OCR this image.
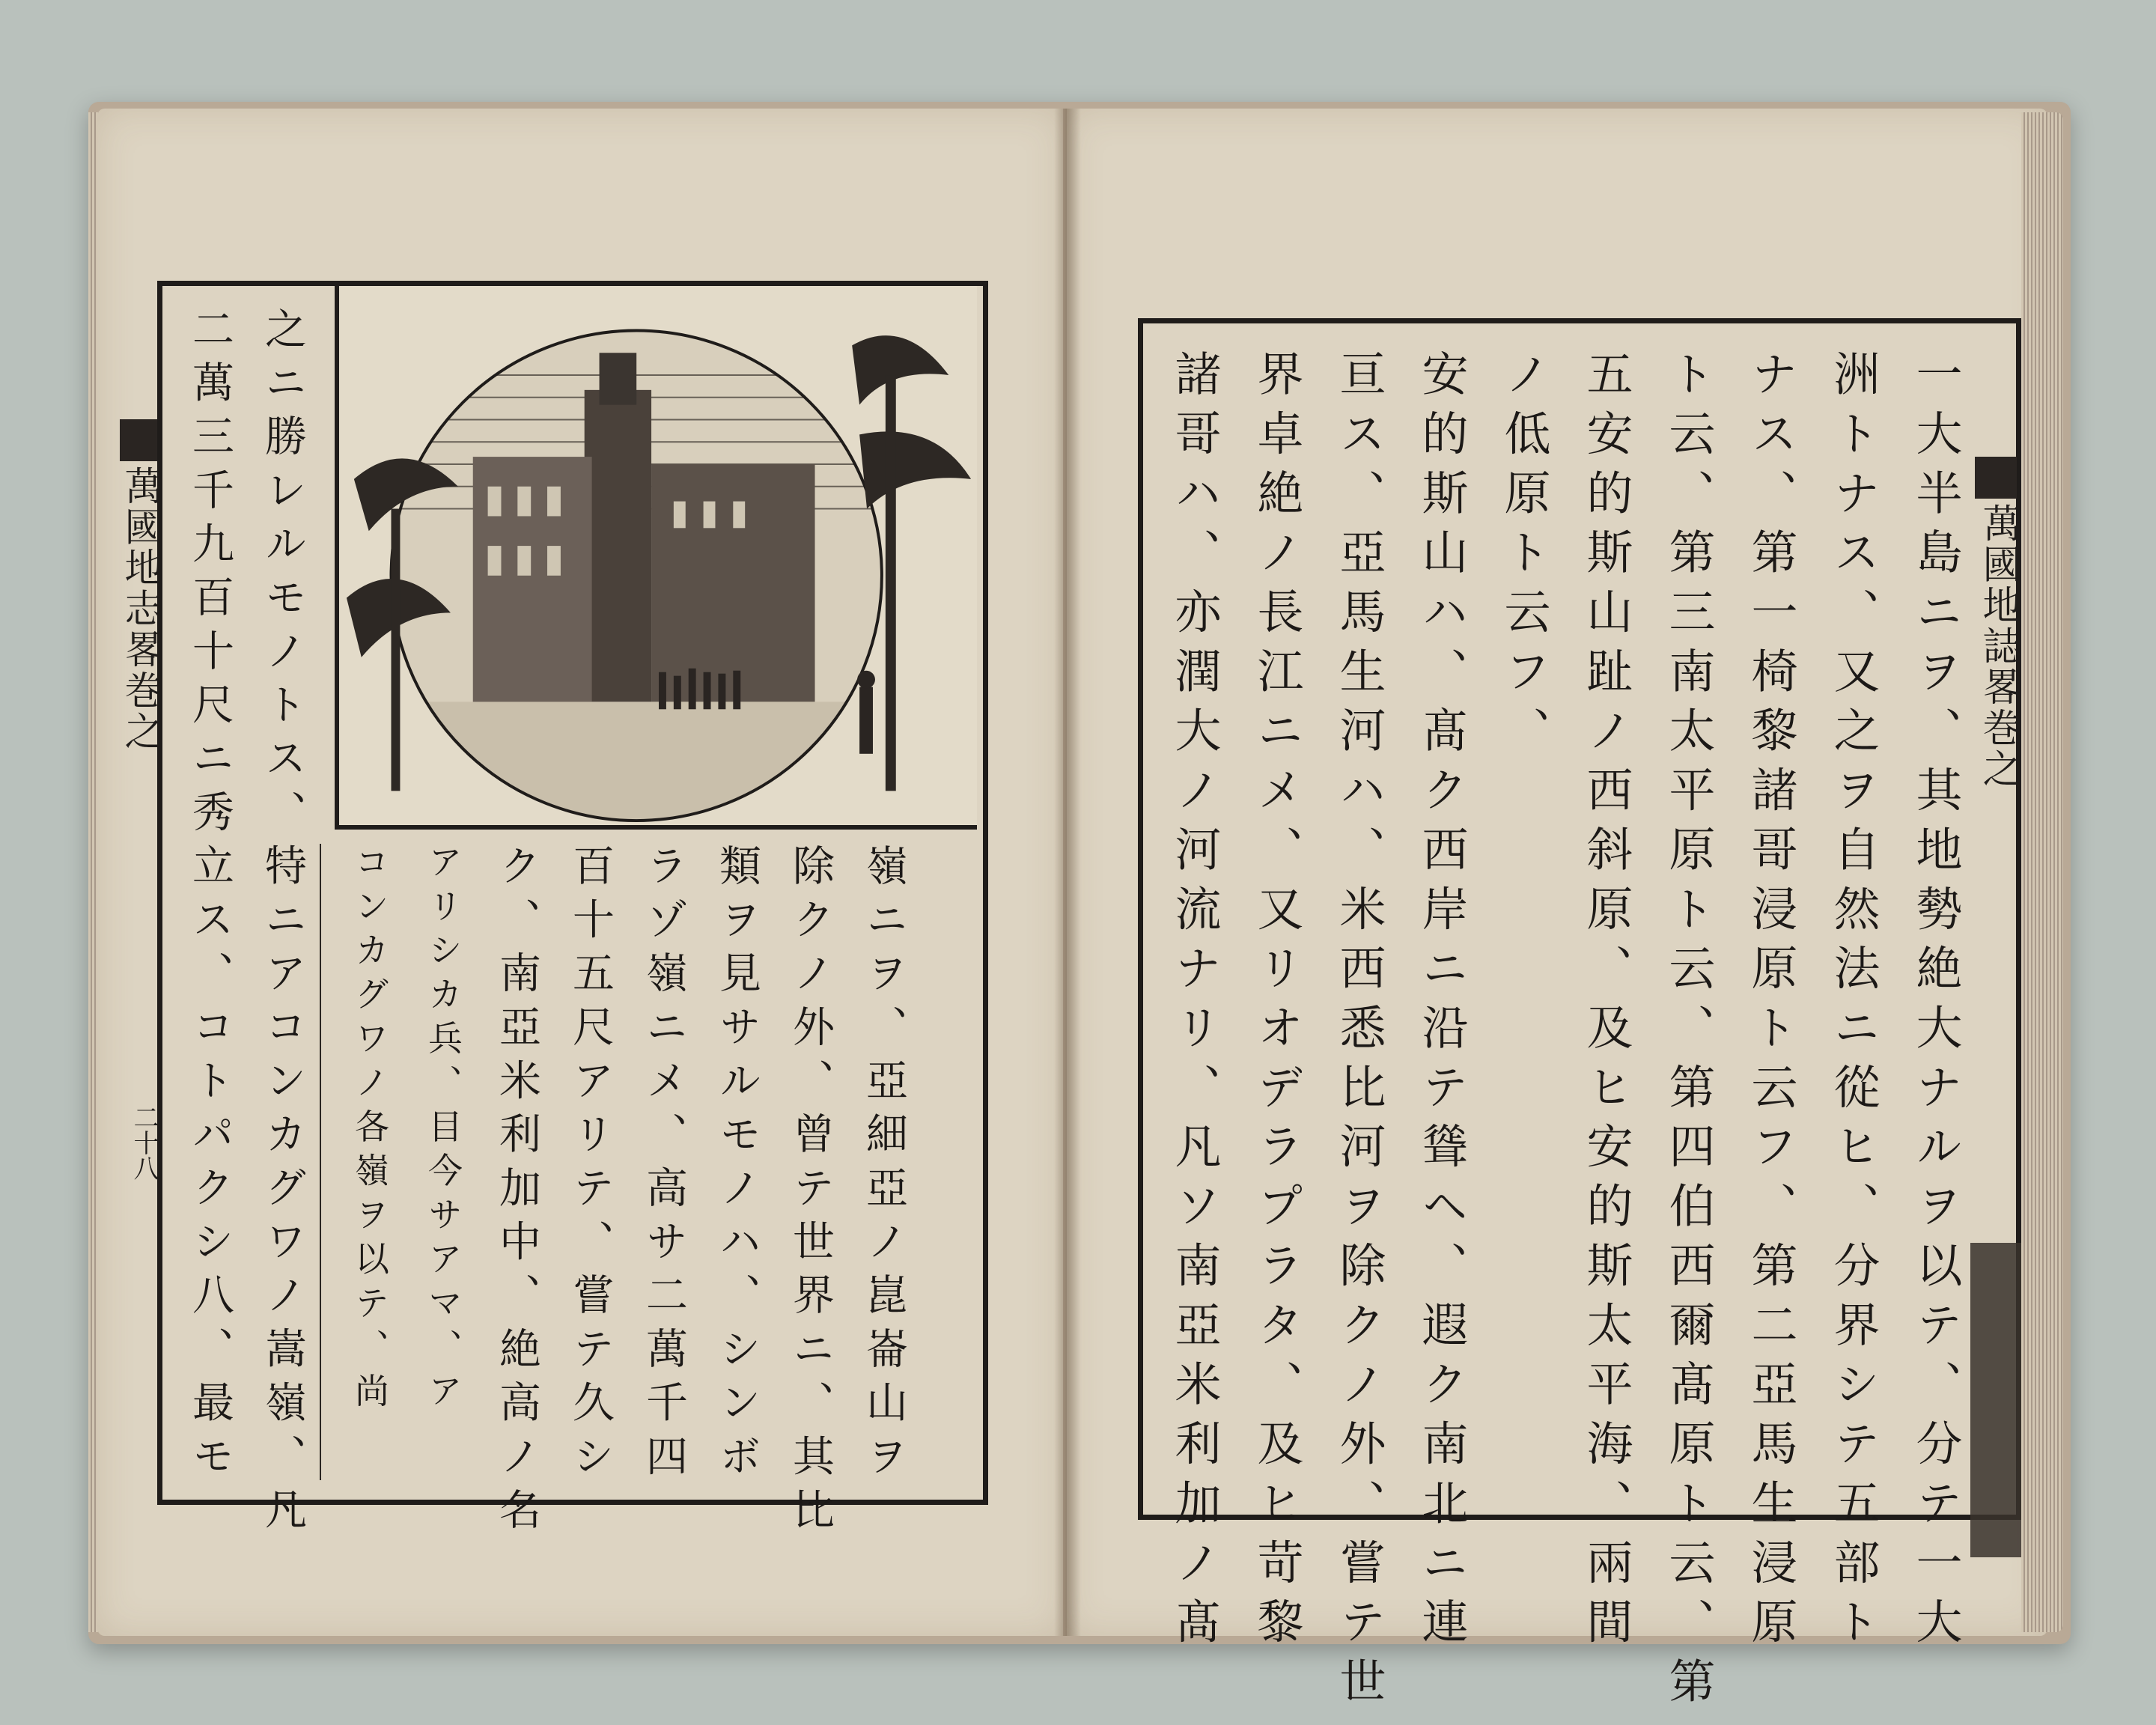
萬國地志畧巻之
二十八 二萬三千九百十尺ニ秀立ス、コトパクシ八、最モ 之ニ勝レルモノトス、特ニアコンカグワノ嵩嶺、凡	コンカグワノ各嶺ヲ以テ、尚 アリシカ兵、目今サアマ、ア ク、南亞米利加中、絶高ノ名 百十五尺アリテ、嘗テ久シ ラゾ嶺ニメ、高サ二萬千四 類ヲ見サルモノハ、シンボ 除クノ外、曾テ世界ニ、其比 嶺ニヲ、亞細亞ノ崑崙山ヲ	諸哥ハ、亦潤大ノ河流ナリ、凡ソ南亞米利加ノ髙 界卓絶ノ長江ニメ、又リオデラプラタ、及ヒ苛黎 亘ス、亞馬生河ハ、米西悉比河ヲ除クノ外、嘗テ世 安的斯山ハ、髙ク西岸ニ沿テ聳ヘ、遐ク南北ニ連 ノ低原ト云フ、 五安的斯山趾ノ西斜原、及ヒ安的斯太平海、兩間 ト云、第三南太平原ト云、第四伯西爾髙原ト云、第 ナス、第一椅黎諸哥浸原ト云フ、第二亞馬生浸原 洲トナス、又之ヲ自然法ニ從ヒ、分界シテ五部ト 一大半島ニヲ、其地勢絶大ナルヲ以テ、分テ一大 萬國地誌畧巻之
